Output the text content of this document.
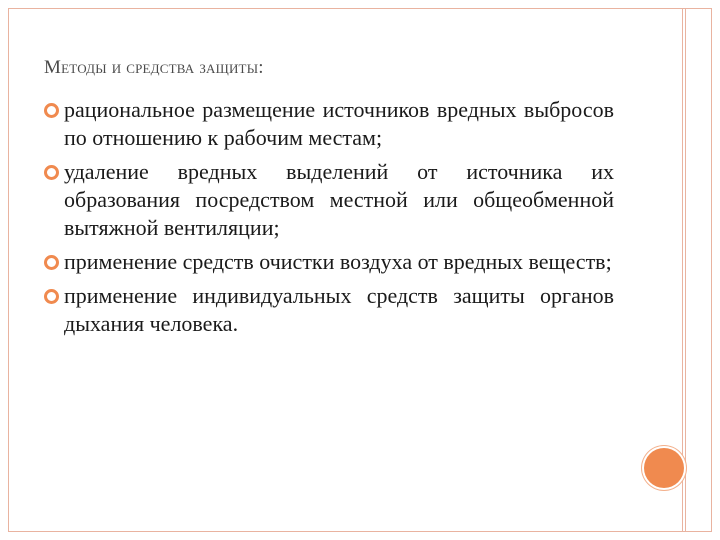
Методы и средства защиты:
рациональное размещение источников вредных выбросов по отношению к рабочим местам;
удаление вредных выделений от источника их образования посредством местной или общеобменной вытяжной вентиляции;
применение средств очистки воздуха от вредных веществ;
применение индивидуальных средств защиты органов дыхания человека.
